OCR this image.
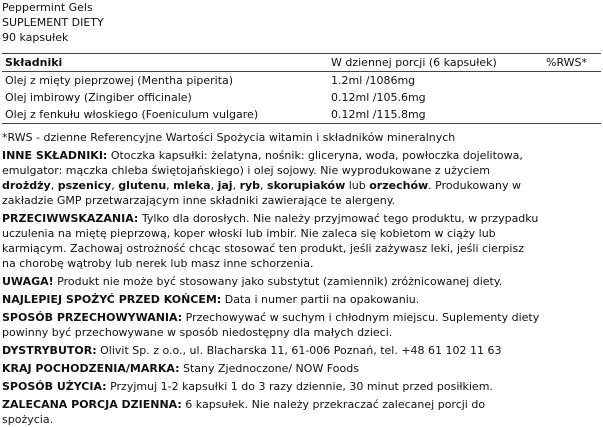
Peppermint Gels
SUPLEMENT DIETY
90 kapsułek
Składniki	W dziennej porcji (6 kapsułek)	%RWS*
Olej z mięty pieprzowej (Mentha piperita)	1.2ml /1086mg
Olej imbirowy (Zingiber officinale)	0.12ml /105.6mg
Olej z fenkułu włoskiego (Foeniculum vulgare)	0.12ml /115.8mg
*RWS - dzienne Referencyjne Wartości Spożycia witamin i składników mineralnych
INNE SKŁADNIKI: Otoczka kapsułki: żelatyna, nośnik: gliceryna, woda, powłoczka dojelitowa,
emulgator: mączka chleba świętojańskiego) i olej sojowy. Nie wyprodukowane z użyciem
drożdży, pszenicy, glutenu, mleka, jaj, ryb, skorupiaków lub orzechów. Produkowany w
zakładzie GMP przetwarzającym inne składniki zawierające te alergeny.
PRZECIWWSKAZANIA: Tylko dla dorosłych. Nie należy przyjmować tego produktu, w przypadku
uczulenia na miętę pieprzową, koper włoski lub imbir. Nie zaleca się kobietom w ciąży lub
karmiącym. Zachowaj ostrożność chcąc stosować ten produkt, jeśli zażywasz leki, jeśli cierpisz
na chorobę wątroby lub nerek lub masz inne schorzenia.
UWAGA! Produkt nie może być stosowany jako substytut (zamiennik) zróżnicowanej diety.
NAJLEPIEJ SPOŻYĆ PRZED KOŃCEM: Data i numer partii na opakowaniu.
SPOSÓB PRZECHOWYWANIA: Przechowywać w suchym i chłodnym miejscu. Suplementy diety
powinny być przechowywane w sposób niedostępny dla małych dzieci.
DYSTRYBUTOR: Olivit Sp. z o.o., ul. Blacharska 11, 61-006 Poznań, tel. +48 61 102 11 63
KRAJ POCHODZENIA/MARKA: Stany Zjednoczone/ NOW Foods
SPOSÓB UŻYCIA: Przyjmuj 1-2 kapsułki 1 do 3 razy dziennie, 30 minut przed posiłkiem.
ZALECANA PORCJA DZIENNA: 6 kapsułek. Nie należy przekraczać zalecanej porcji do
spożycia.
